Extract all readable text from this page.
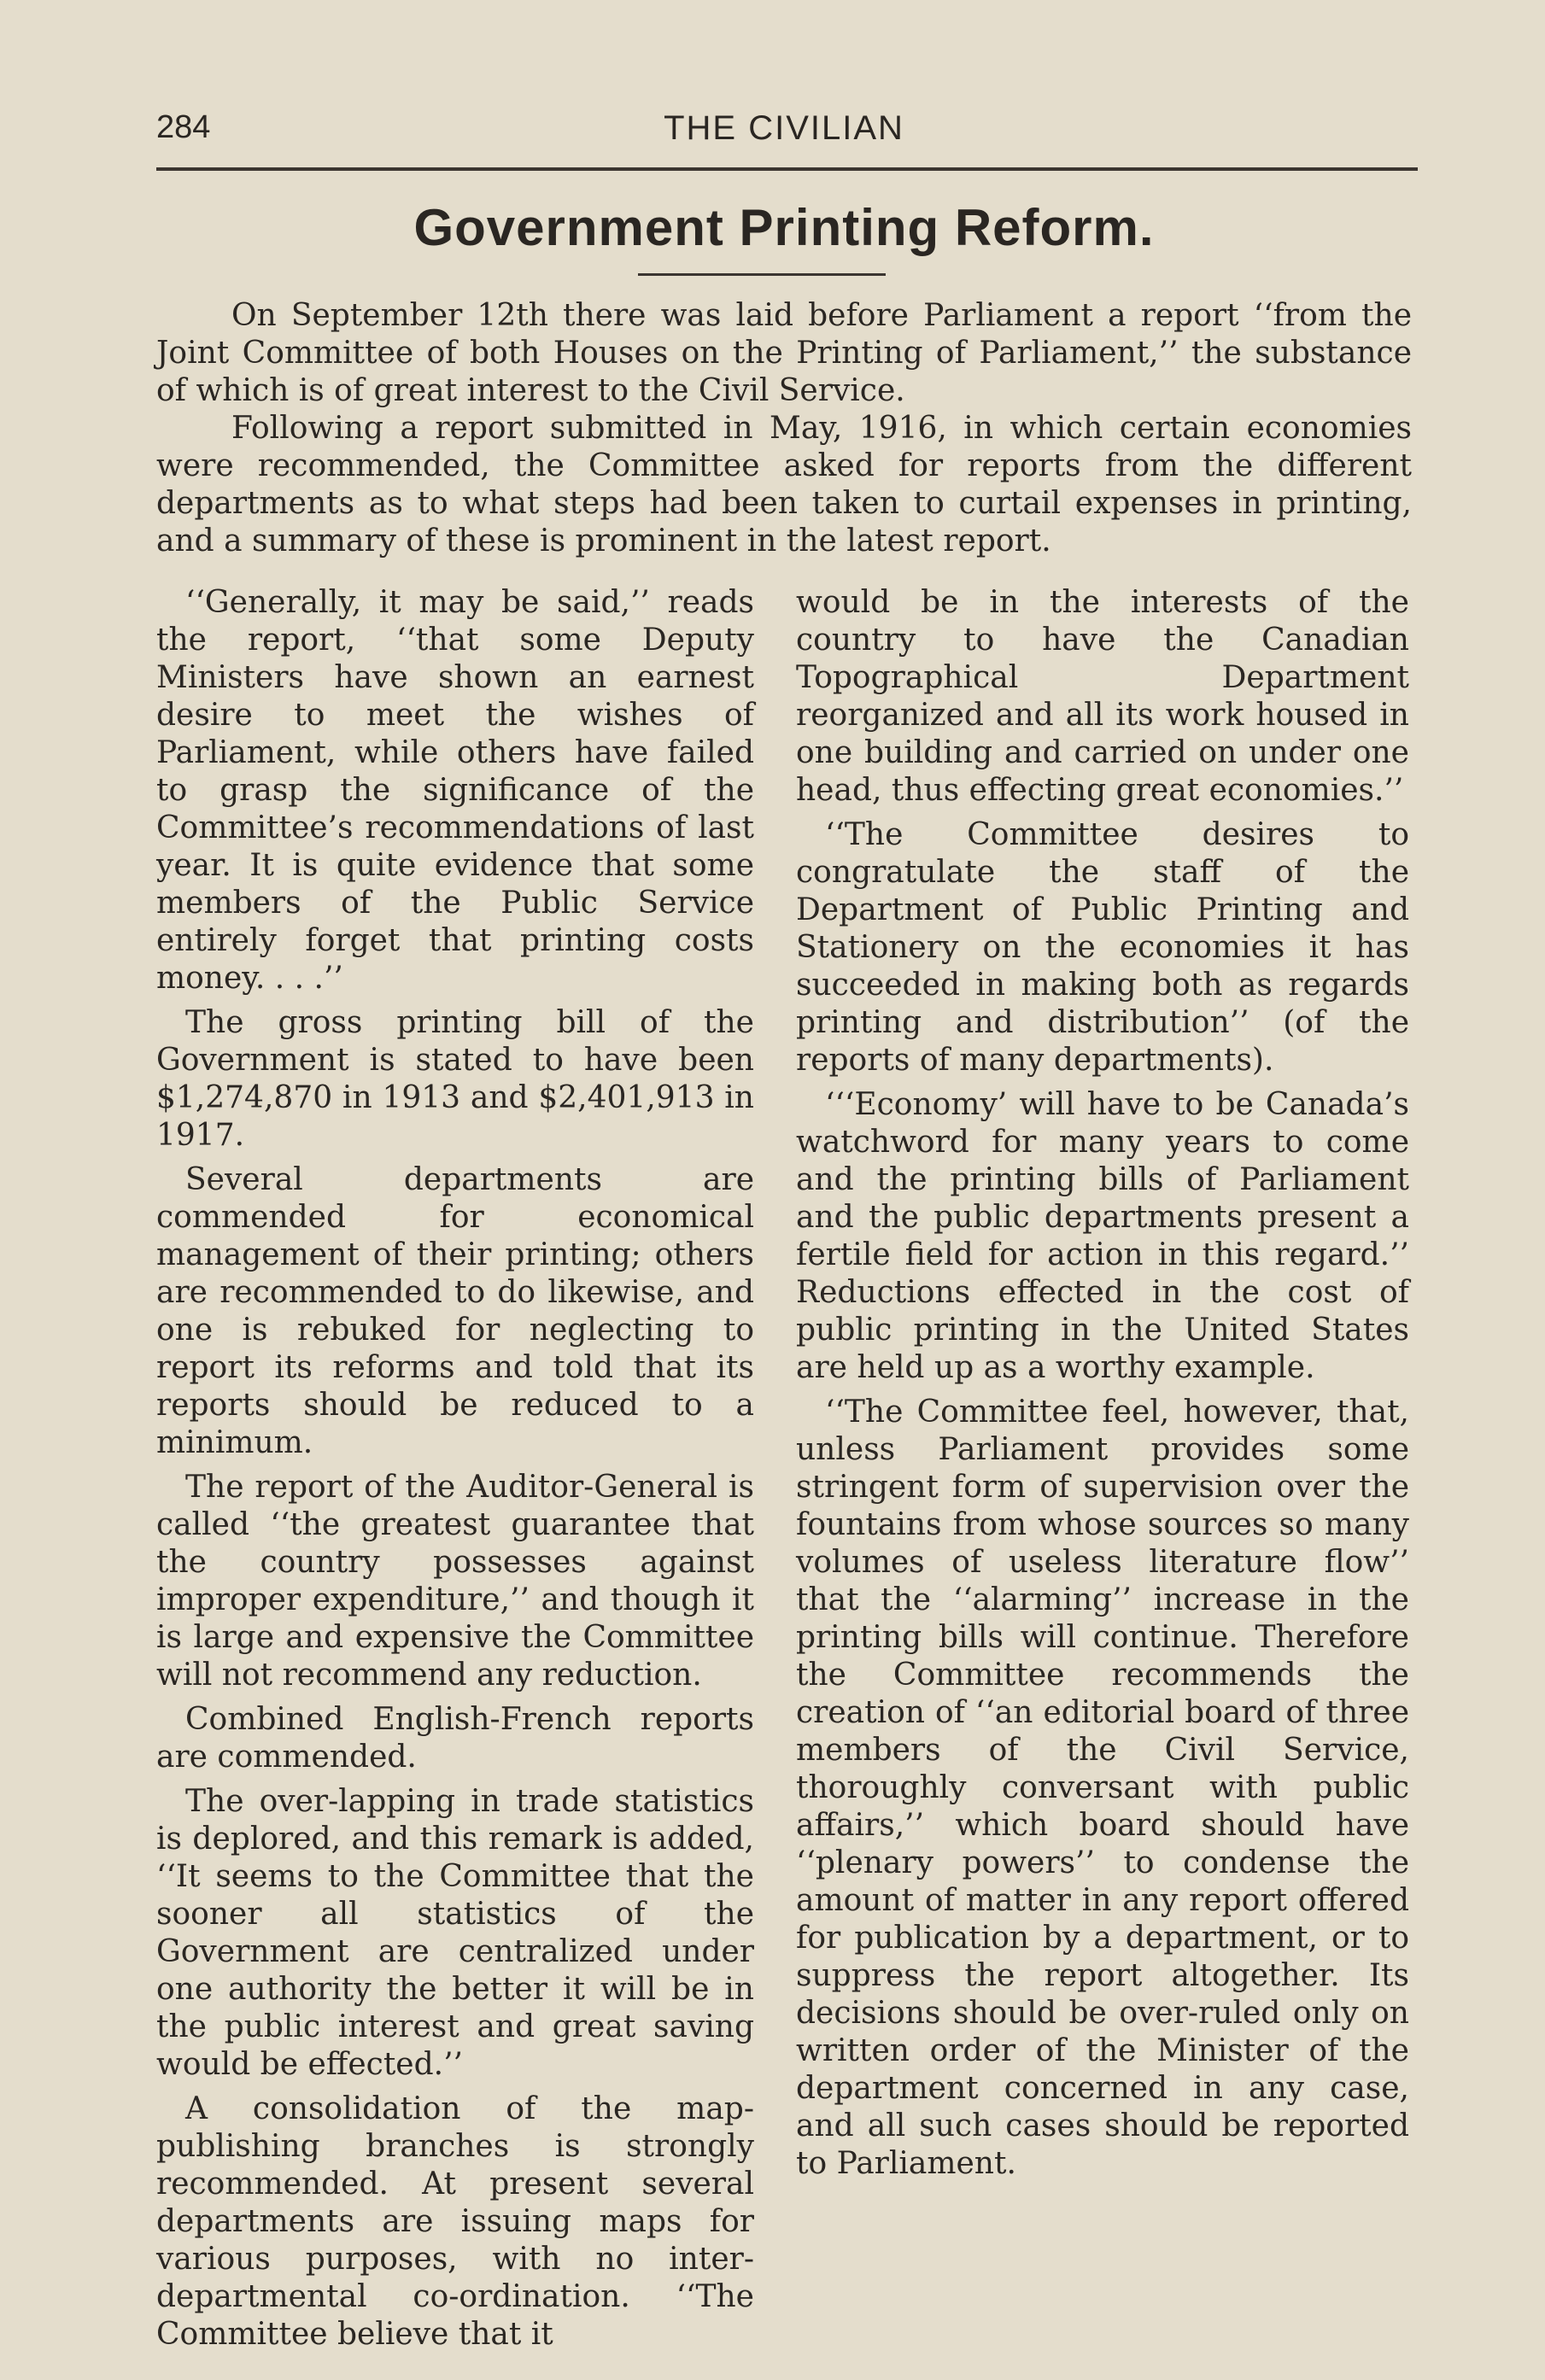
284	THE CIVILIAN
Government Printing Reform.

On September 12th there was laid before Parliament a report ‘‘from the Joint Committee of both Houses on the Printing of Parliament,’’ the substance of which is of great interest to the Civil Service.

Following a report submitted in May, 1916, in which certain economies were recommended, the Committee asked for reports from the different departments as to what steps had been taken to curtail expenses in printing, and a summary of these is prominent in the latest report.

‘‘Generally, it may be said,’’ reads the report, ‘‘that some Deputy Ministers have shown an earnest desire to meet the wishes of Parliament, while others have failed to grasp the significance of the Committee’s recommendations of last year. It is quite evidence that some members of the Public Service entirely forget that printing costs money. . . .’’

The gross printing bill of the Government is stated to have been $1,274,870 in 1913 and $2,401,913 in 1917.

Several departments are commended for economical management of their printing; others are recommended to do likewise, and one is rebuked for neglecting to report its reforms and told that its reports should be reduced to a minimum.

The report of the Auditor-General is called ‘‘the greatest guarantee that the country possesses against improper expenditure,’’ and though it is large and expensive the Committee will not recommend any reduction.

Combined English-French reports are commended.

The over-lapping in trade statistics is deplored, and this remark is added, ‘‘It seems to the Committee that the sooner all statistics of the Government are centralized under one authority the better it will be in the public interest and great saving would be effected.’’

A consolidation of the map-publishing branches is strongly recommended. At present several departments are issuing maps for various purposes, with no inter-departmental co-ordination. ‘‘The Committee believe that it

would be in the interests of the country to have the Canadian Topographical Department reorganized and all its work housed in one building and carried on under one head, thus effecting great economies.’’

‘‘The Committee desires to congratulate the staff of the Department of Public Printing and Stationery on the economies it has succeeded in making both as regards printing and distribution’’ (of the reports of many departments).

‘‘‘Economy’ will have to be Canada’s watchword for many years to come and the printing bills of Parliament and the public departments present a fertile field for action in this regard.’’ Reductions effected in the cost of public printing in the United States are held up as a worthy example.

‘‘The Committee feel, however, that, unless Parliament provides some stringent form of supervision over the fountains from whose sources so many volumes of useless literature flow’’ that the ‘‘alarming’’ increase in the printing bills will continue. Therefore the Committee recommends the creation of ‘‘an editorial board of three members of the Civil Service, thoroughly conversant with public affairs,’’ which board should have ‘‘plenary powers’’ to condense the amount of matter in any report offered for publication by a department, or to suppress the report altogether. Its decisions should be over-ruled only on written order of the Minister of the department concerned in any case, and all such cases should be reported to Parliament.
